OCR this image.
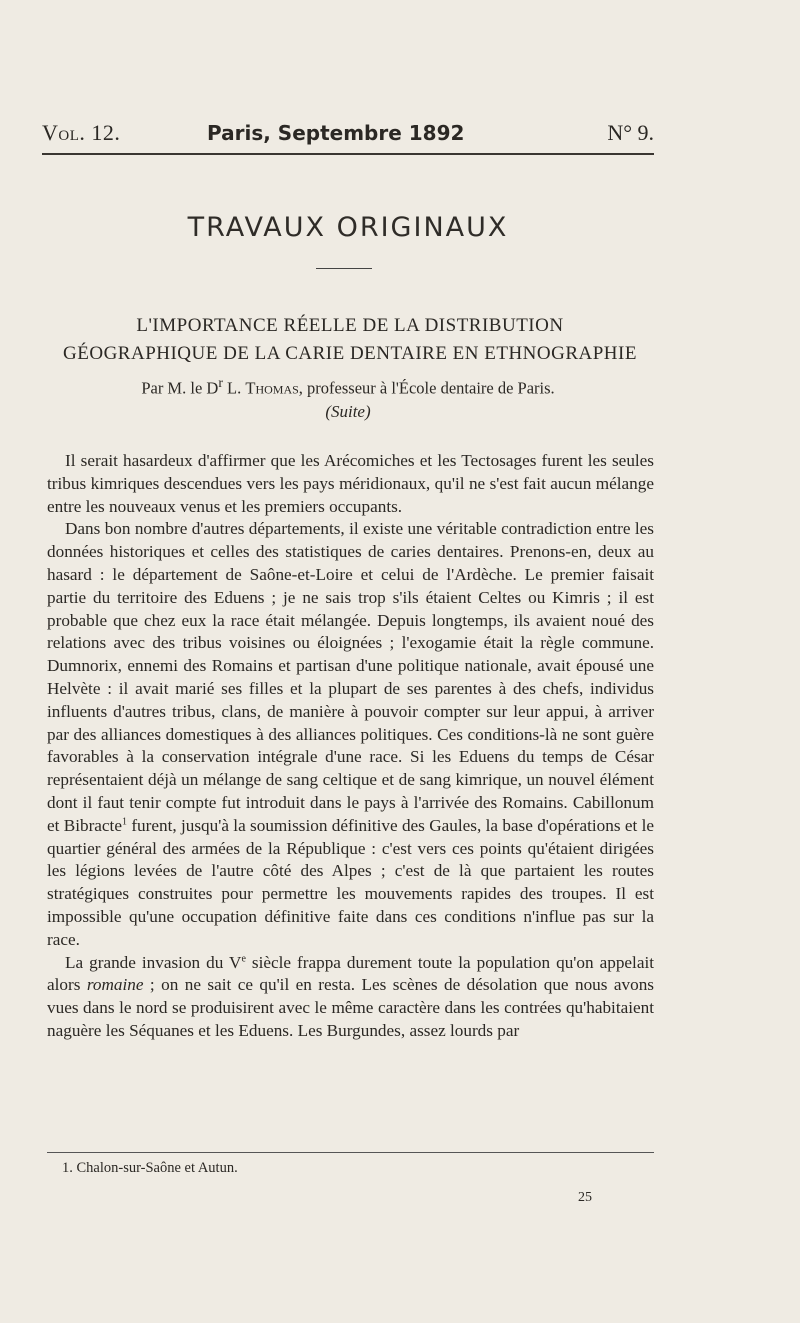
Vol. 12.	Paris, Septembre 1892	N° 9.
TRAVAUX ORIGINAUX
L'IMPORTANCE RÉELLE DE LA DISTRIBUTION
GÉOGRAPHIQUE DE LA CARIE DENTAIRE EN ETHNOGRAPHIE
Par M. le $D^r$ L. Thomas, professeur à l'École dentaire de Paris.
(Suite)

Il serait hasardeux d'affirmer que les Arécomiches et les Tectosages furent les seules tribus kimriques descendues vers les pays méridionaux, qu'il ne s'est fait aucun mélange entre les nouveaux venus et les premiers occupants.

Dans bon nombre d'autres départements, il existe une véritable contradiction entre les données historiques et celles des statistiques de caries dentaires. Prenons-en, deux au hasard : le département de Saône-et-Loire et celui de l'Ardèche. Le premier faisait partie du territoire des Eduens ; je ne sais trop s'ils étaient Celtes ou Kimris ; il est probable que chez eux la race était mélangée. Depuis longtemps, ils avaient noué des relations avec des tribus voisines ou éloignées ; l'exogamie était la règle commune. Dumnorix, ennemi des Romains et partisan d'une politique nationale, avait épousé une Helvète : il avait marié ses filles et la plupart de ses parentes à des chefs, individus influents d'autres tribus, clans, de manière à pouvoir compter sur leur appui, à arriver par des alliances domestiques à des alliances politiques. Ces conditions-là ne sont guère favorables à la conservation intégrale d'une race. Si les Eduens du temps de César représentaient déjà un mélange de sang celtique et de sang kimrique, un nouvel élément dont il faut tenir compte fut introduit dans le pays à l'arrivée des Romains. Cabillonum et Bibracte$^1$ furent, jusqu'à la soumission définitive des Gaules, la base d'opérations et le quartier général des armées de la République : c'est vers ces points qu'étaient dirigées les légions levées de l'autre côté des Alpes ; c'est de là que partaient les routes stratégiques construites pour permettre les mouvements rapides des troupes. Il est impossible qu'une occupation définitive faite dans ces conditions n'influe pas sur la race.

La grande invasion du Ve siècle frappa durement toute la population qu'on appelait alors romaine ; on ne sait ce qu'il en resta. Les scènes de désolation que nous avons vues dans le nord se produisirent avec le même caractère dans les contrées qu'habitaient naguère les Séquanes et les Eduens. Les Burgundes, assez lourds par

1. Chalon-sur-Saône et Autun.
25
